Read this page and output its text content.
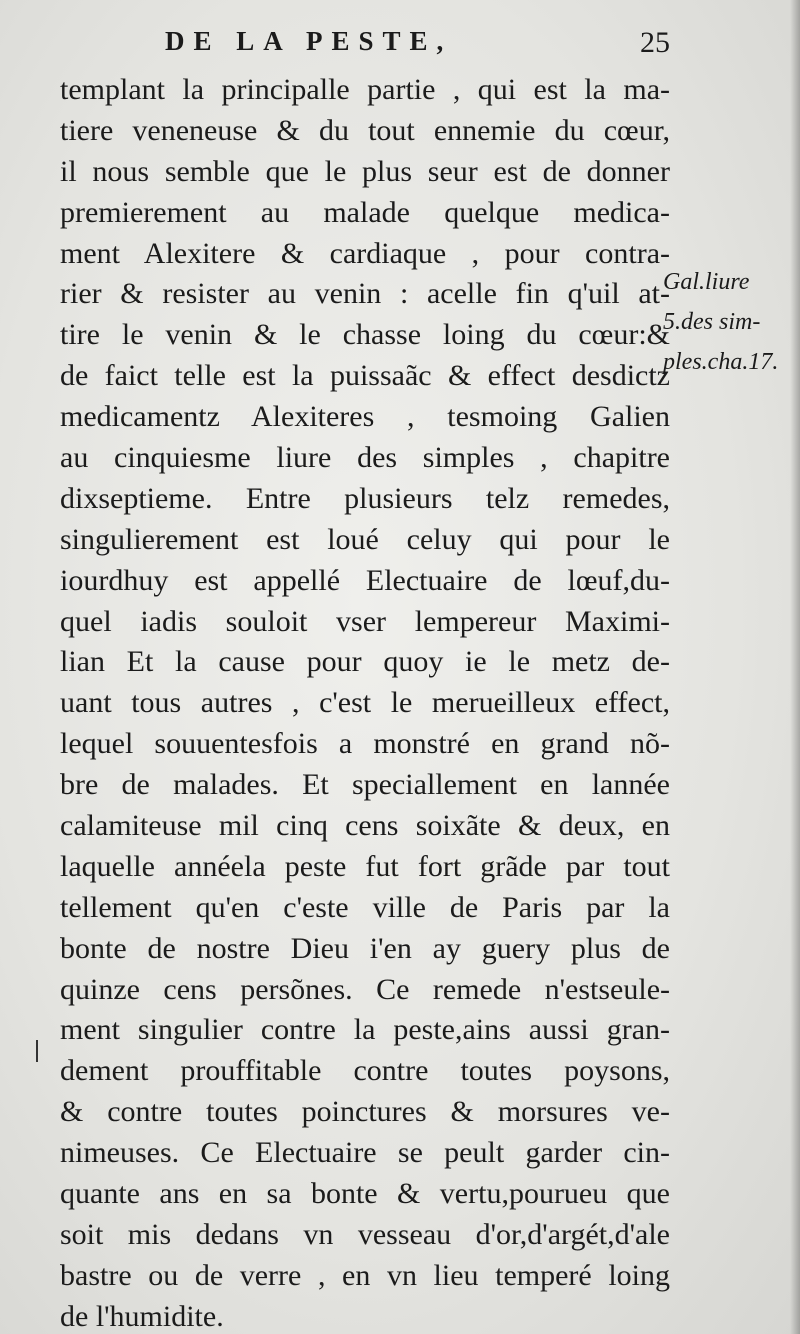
DE LA PESTE,	25
templant la principalle partie , qui est la ma-
tiere veneneuse & du tout ennemie du cœur,
il nous semble que le plus seur est de donner
premierement au malade quelque medica-
ment Alexitere & cardiaque , pour contra-
rier & resister au venin : acelle fin q'uil at-
tire le venin & le chasse loing du cœur:&
de faict telle est la puissaãc & effect desdictz
medicamentz Alexiteres , tesmoing Galien
au cinquiesme liure des simples , chapitre
dixseptieme. Entre plusieurs telz remedes,
singulierement est loué celuy qui pour le
iourdhuy est appellé Electuaire de lœuf,du-
quel iadis souloit vser lempereur Maximi-
lian Et la cause pour quoy ie le metz de-
uant tous autres , c'est le merueilleux effect,
lequel souuentesfois a monstré en grand nõ-
bre de malades. Et speciallement en lannée
calamiteuse mil cinq cens soixãte & deux, en
laquelle annéela peste fut fort grãde par tout
tellement qu'en c'este ville de Paris par la
bonte de nostre Dieu i'en ay guery plus de
quinze cens persõnes. Ce remede n'estseule-
ment singulier contre la peste,ains aussi gran-
dement prouffitable contre toutes poysons,
& contre toutes poinctures & morsures ve-
nimeuses. Ce Electuaire se peult garder cin-
quante ans en sa bonte & vertu,pourueu que
soit mis dedans vn vesseau d'or,d'argét,d'ale
bastre ou de verre , en vn lieu temperé loing
de l'humidite.
Gal.liure
5.des sim-
ples.cha.17.
